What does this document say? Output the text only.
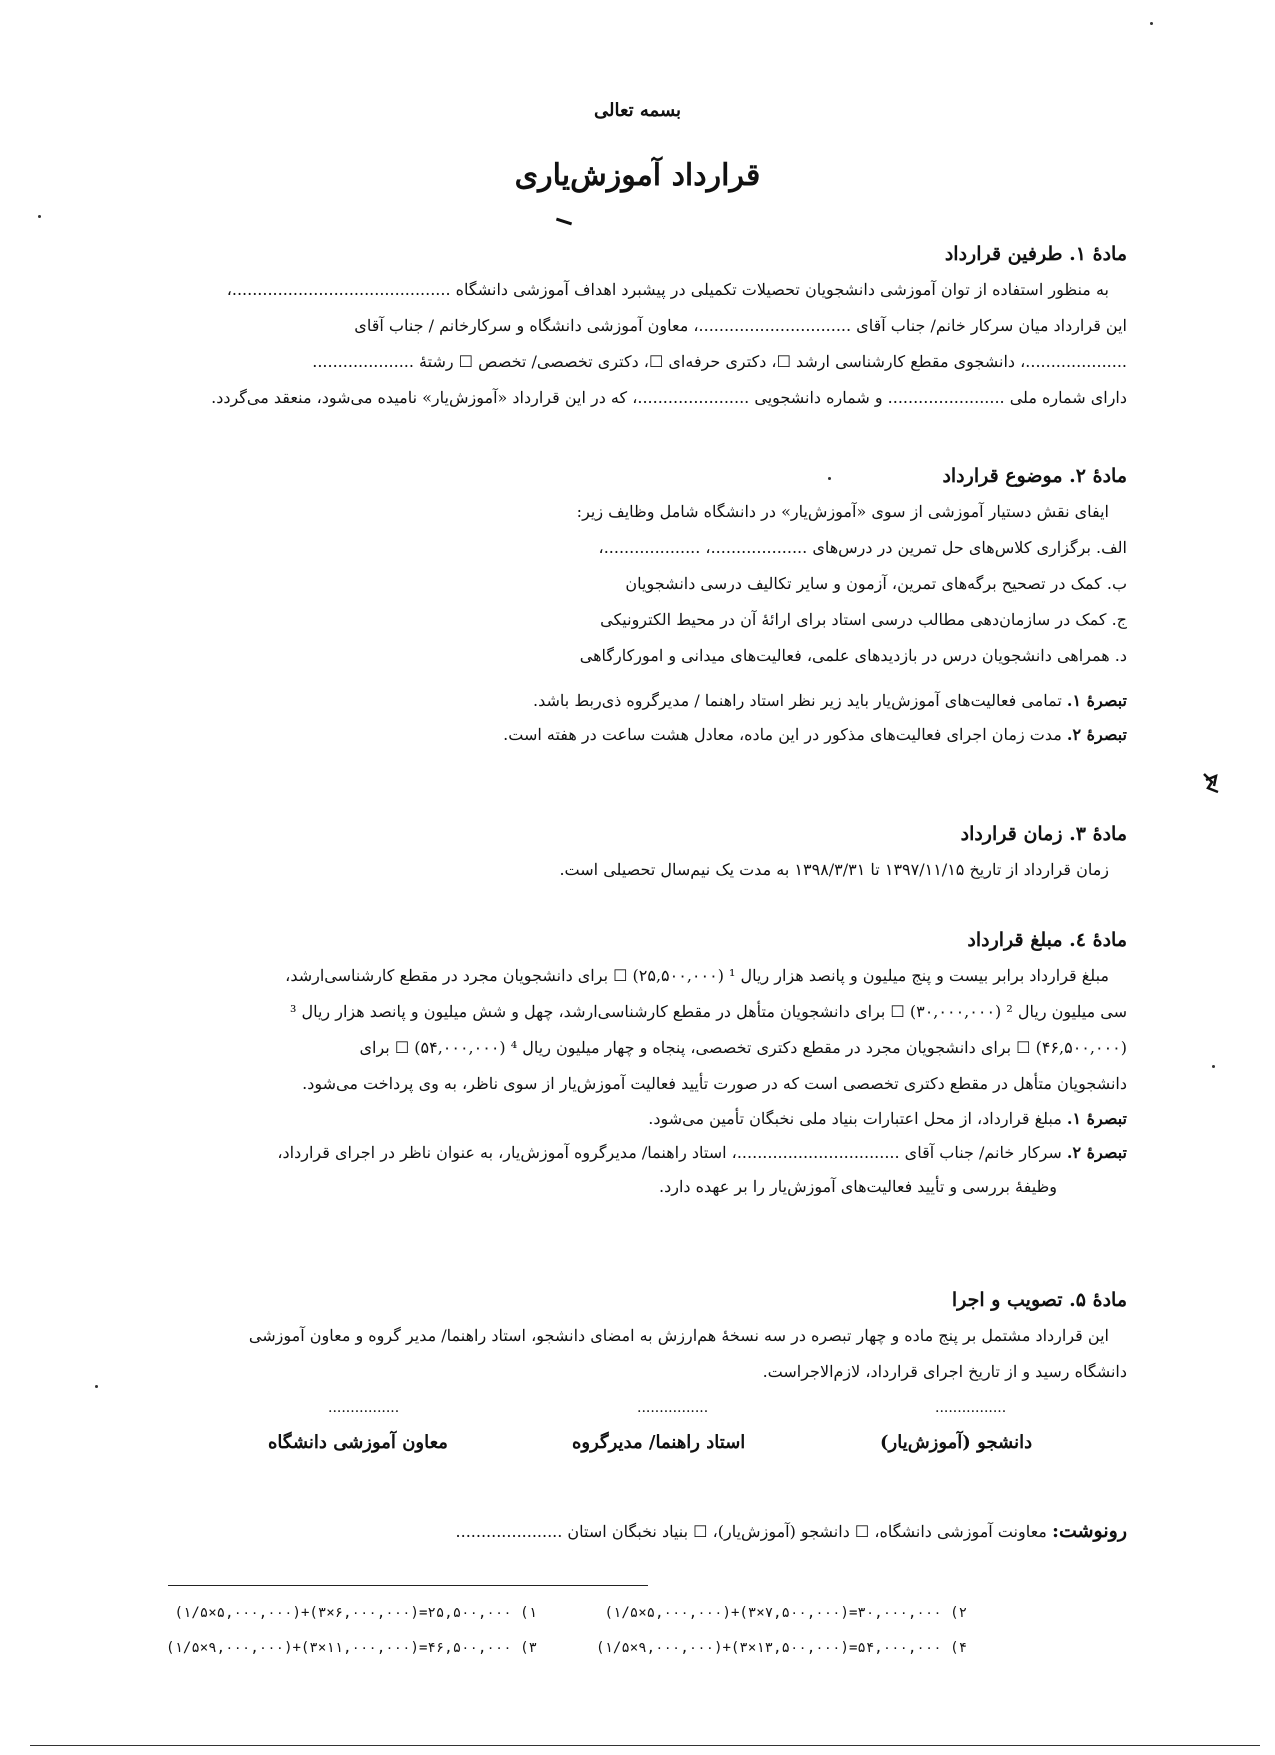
بسمه تعالی
قرارداد آموزش‌یاری
مادهٔ ۱. طرفین قرارداد
به منظور استفاده از توان آموزشی دانشجویان تحصیلات تکمیلی در پیشبرد اهداف آموزشی دانشگاه ...........................................،
این قرارداد میان سرکار خانم/ جناب آقای ..............................، معاون آموزشی دانشگاه و سرکارخانم / جناب آقای
....................، دانشجوی مقطع کارشناسی ارشد ☐، دکتری حرفه‌ای ☐، دکتری تخصصی/ تخصص ☐ رشتهٔ ....................
دارای شماره ملی ....................... و شماره دانشجویی ......................، که در این قرارداد «آموزش‌یار» نامیده می‌شود، منعقد می‌گردد.
مادهٔ ۲. موضوع قرارداد
ایفای نقش دستیار آموزشی از سوی «آموزش‌یار» در دانشگاه شامل وظایف زیر:
الف. برگزاری کلاس‌های حل تمرین در درس‌های ...................، ...................،
ب. کمک در تصحیح برگه‌های تمرین، آزمون و سایر تکالیف درسی دانشجویان
ج. کمک در سازمان‌دهی مطالب درسی استاد برای ارائهٔ آن در محیط الکترونیکی
د. همراهی دانشجویان درس در بازدیدهای علمی، فعالیت‌های میدانی و امورکارگاهی
تبصرهٔ ۱. تمامی فعالیت‌های آموزش‌یار باید زیر نظر استاد راهنما / مدیرگروه ذی‌ربط باشد.
تبصرهٔ ۲. مدت زمان اجرای فعالیت‌های مذکور در این ماده، معادل هشت ساعت در هفته است.
مادهٔ ۳. زمان قرارداد
زمان قرارداد از تاریخ ۱۳۹۷/۱۱/۱۵ تا ۱۳۹۸/۳/۳۱ به مدت یک نیم‌سال تحصیلی است.
مادهٔ ٤. مبلغ قرارداد
مبلغ قرارداد برابر بیست و پنج میلیون و پانصد هزار ریال ¹ (۲۵,۵۰۰,۰۰۰) ☐ برای دانشجویان مجرد در مقطع کارشناسی‌ارشد،
سی میلیون ریال ² (۳۰,۰۰۰,۰۰۰) ☐ برای دانشجویان متأهل در مقطع کارشناسی‌ارشد، چهل و شش میلیون و پانصد هزار ریال ³
(۴۶,۵۰۰,۰۰۰) ☐ برای دانشجویان مجرد در مقطع دکتری تخصصی، پنجاه و چهار میلیون ریال ⁴ (۵۴,۰۰۰,۰۰۰) ☐ برای
دانشجویان متأهل در مقطع دکتری تخصصی است که در صورت تأیید فعالیت آموزش‌یار از سوی ناظر، به وی پرداخت می‌شود.
تبصرهٔ ۱. مبلغ قرارداد، از محل اعتبارات بنیاد ملی نخبگان تأمین می‌شود.
تبصرهٔ ۲. سرکار خانم/ جناب آقای ................................، استاد راهنما/ مدیرگروه آموزش‌یار، به عنوان ناظر در اجرای قرارداد،
وظیفهٔ بررسی و تأیید فعالیت‌های آموزش‌یار را بر عهده دارد.
مادهٔ ۵. تصویب و اجرا
این قرارداد مشتمل بر پنج ماده و چهار تبصره در سه نسخهٔ هم‌ارزش به امضای دانشجو، استاد راهنما/ مدیر گروه و معاون آموزشی
دانشگاه رسید و از تاریخ اجرای قرارداد، لازم‌الاجراست.
................
................
................
دانشجو (آموزش‌یار)
استاد راهنما/ مدیرگروه
معاون آموزشی دانشگاه
رونوشت: معاونت آموزشی دانشگاه، ☐ دانشجو (آموزش‌یار)، ☐ بنیاد نخبگان استان .....................
۱) ۲۵,۵۰۰,۰۰۰=(۶,۰۰۰,۰۰۰×۳)+(۵,۰۰۰,۰۰۰×۱/۵)	۲) ۳۰,۰۰۰,۰۰۰=(۷,۵۰۰,۰۰۰×۳)+(۵,۰۰۰,۰۰۰×۱/۵)
۳) ۴۶,۵۰۰,۰۰۰=(۱۱,۰۰۰,۰۰۰×۳)+(۹,۰۰۰,۰۰۰×۱/۵)	۴) ۵۴,۰۰۰,۰۰۰=(۱۳,۵۰۰,۰۰۰×۳)+(۹,۰۰۰,۰۰۰×۱/۵)
